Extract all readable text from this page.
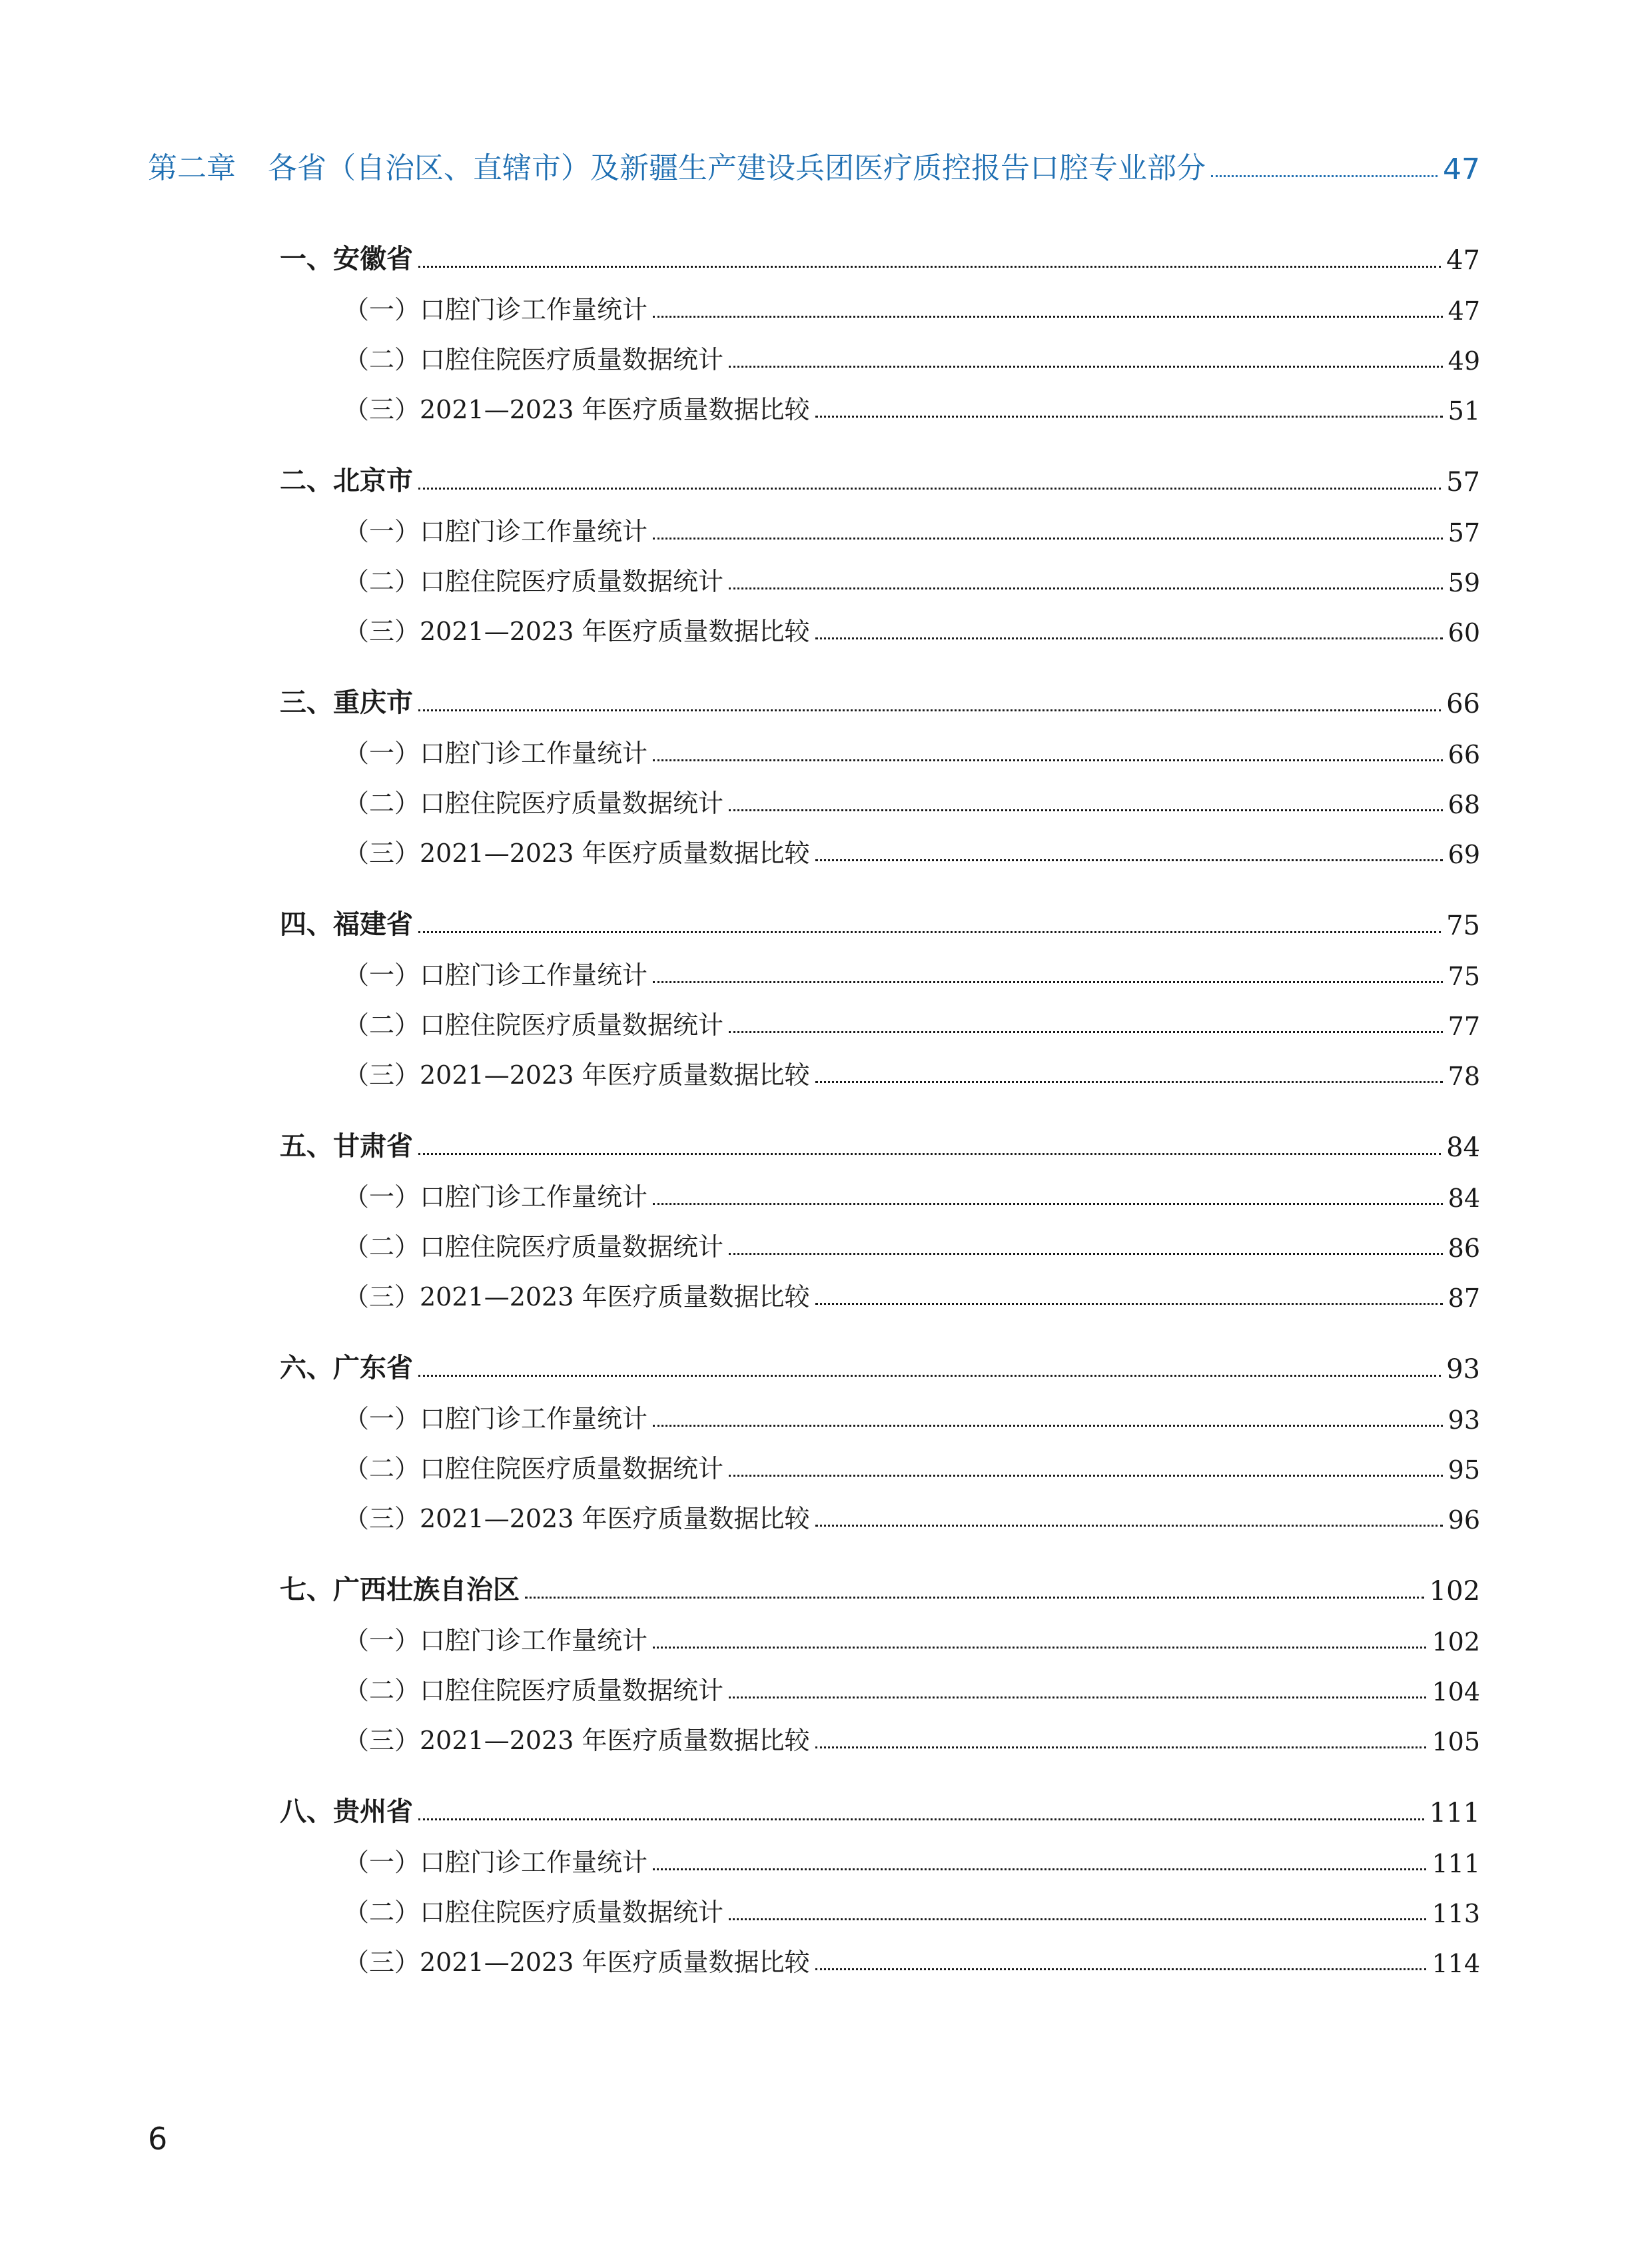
第二章 各省（自治区、直辖市）及新疆生产建设兵团医疗质控报告口腔专业部分	47
一、安徽省	47
（一）口腔门诊工作量统计	47
（二）口腔住院医疗质量数据统计	49
（三）2021—2023 年医疗质量数据比较	51
二、北京市	57
（一）口腔门诊工作量统计	57
（二）口腔住院医疗质量数据统计	59
（三）2021—2023 年医疗质量数据比较	60
三、重庆市	66
（一）口腔门诊工作量统计	66
（二）口腔住院医疗质量数据统计	68
（三）2021—2023 年医疗质量数据比较	69
四、福建省	75
（一）口腔门诊工作量统计	75
（二）口腔住院医疗质量数据统计	77
（三）2021—2023 年医疗质量数据比较	78
五、甘肃省	84
（一）口腔门诊工作量统计	84
（二）口腔住院医疗质量数据统计	86
（三）2021—2023 年医疗质量数据比较	87
六、广东省	93
（一）口腔门诊工作量统计	93
（二）口腔住院医疗质量数据统计	95
（三）2021—2023 年医疗质量数据比较	96
七、广西壮族自治区	102
（一）口腔门诊工作量统计	102
（二）口腔住院医疗质量数据统计	104
（三）2021—2023 年医疗质量数据比较	105
八、贵州省	111
（一）口腔门诊工作量统计	111
（二）口腔住院医疗质量数据统计	113
（三）2021—2023 年医疗质量数据比较	114
6
